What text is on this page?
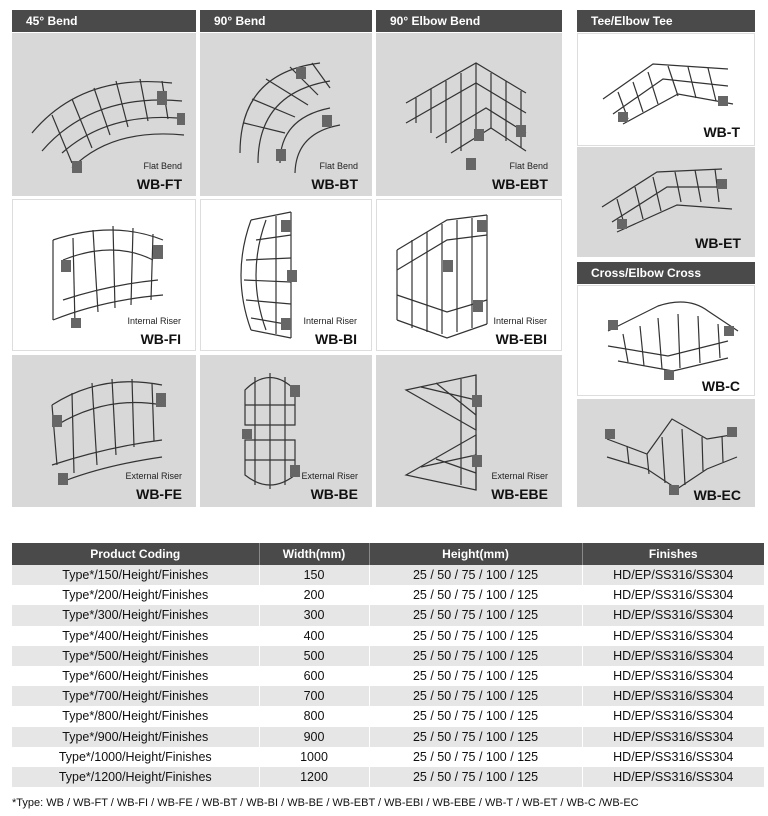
45° Bend	90° Bend	90° Elbow Bend	Tee/Elbow Tee
Cross/Elbow Cross
Flat Bend
WB-FT
Flat Bend
WB-BT
Flat Bend
WB-EBT
Internal Riser
WB-FI
Internal Riser
WB-BI
Internal Riser
WB-EBI
External Riser
WB-FE
External Riser
WB-BE
External Riser
WB-EBE
WB-T
WB-ET
WB-C
WB-EC
Product Coding	Width(mm)	Height(mm)	Finishes
Type*/150/Height/Finishes	150	25 / 50 / 75 / 100 / 125	HD/EP/SS316/SS304
Type*/200/Height/Finishes	200	25 / 50 / 75 / 100 / 125	HD/EP/SS316/SS304
Type*/300/Height/Finishes	300	25 / 50 / 75 / 100 / 125	HD/EP/SS316/SS304
Type*/400/Height/Finishes	400	25 / 50 / 75 / 100 / 125	HD/EP/SS316/SS304
Type*/500/Height/Finishes	500	25 / 50 / 75 / 100 / 125	HD/EP/SS316/SS304
Type*/600/Height/Finishes	600	25 / 50 / 75 / 100 / 125	HD/EP/SS316/SS304
Type*/700/Height/Finishes	700	25 / 50 / 75 / 100 / 125	HD/EP/SS316/SS304
Type*/800/Height/Finishes	800	25 / 50 / 75 / 100 / 125	HD/EP/SS316/SS304
Type*/900/Height/Finishes	900	25 / 50 / 75 / 100 / 125	HD/EP/SS316/SS304
Type*/1000/Height/Finishes	1000	25 / 50 / 75 / 100 / 125	HD/EP/SS316/SS304
Type*/1200/Height/Finishes	1200	25 / 50 / 75 / 100 / 125	HD/EP/SS316/SS304
*Type: WB / WB-FT / WB-FI / WB-FE / WB-BT / WB-BI / WB-BE / WB-EBT / WB-EBI / WB-EBE / WB-T / WB-ET / WB-C /WB-EC
